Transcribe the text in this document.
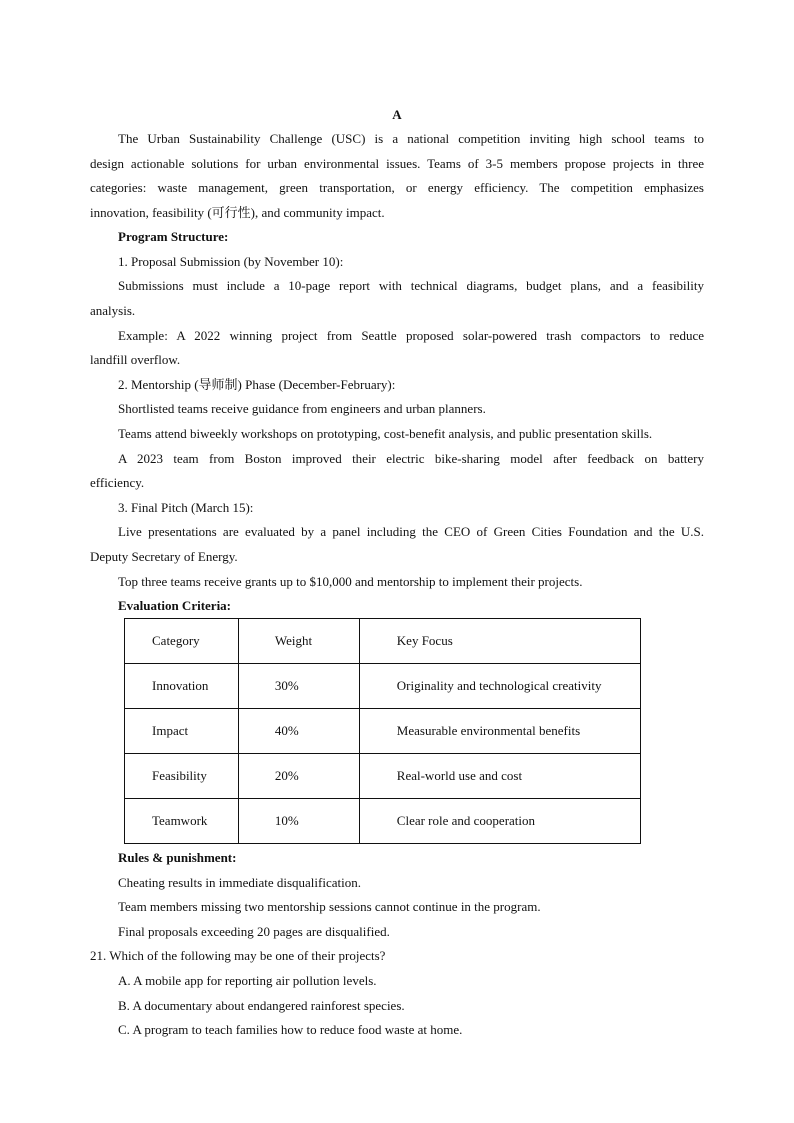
A
The Urban Sustainability Challenge (USC) is a national competition inviting high school teams to
design actionable solutions for urban environmental issues. Teams of 3-5 members propose projects in three
categories: waste management, green transportation, or energy efficiency. The competition emphasizes
innovation, feasibility (可行性), and community impact.
Program Structure:
1. Proposal Submission (by November 10):
Submissions must include a 10-page report with technical diagrams, budget plans, and a feasibility
analysis.
Example: A 2022 winning project from Seattle proposed solar-powered trash compactors to reduce
landfill overflow.
2. Mentorship (导师制) Phase (December-February):
Shortlisted teams receive guidance from engineers and urban planners.
Teams attend biweekly workshops on prototyping, cost-benefit analysis, and public presentation skills.
A 2023 team from Boston improved their electric bike-sharing model after feedback on battery
efficiency.
3. Final Pitch (March 15):
Live presentations are evaluated by a panel including the CEO of Green Cities Foundation and the U.S.
Deputy Secretary of Energy.
Top three teams receive grants up to $10,000 and mentorship to implement their projects.
Evaluation Criteria:
Category	Weight	Key Focus
Innovation	30%	Originality and technological creativity
Impact	40%	Measurable environmental benefits
Feasibility	20%	Real-world use and cost
Teamwork	10%	Clear role and cooperation
Rules & punishment:
Cheating results in immediate disqualification.
Team members missing two mentorship sessions cannot continue in the program.
Final proposals exceeding 20 pages are disqualified.
21. Which of the following may be one of their projects?
A. A mobile app for reporting air pollution levels.
B. A documentary about endangered rainforest species.
C. A program to teach families how to reduce food waste at home.
